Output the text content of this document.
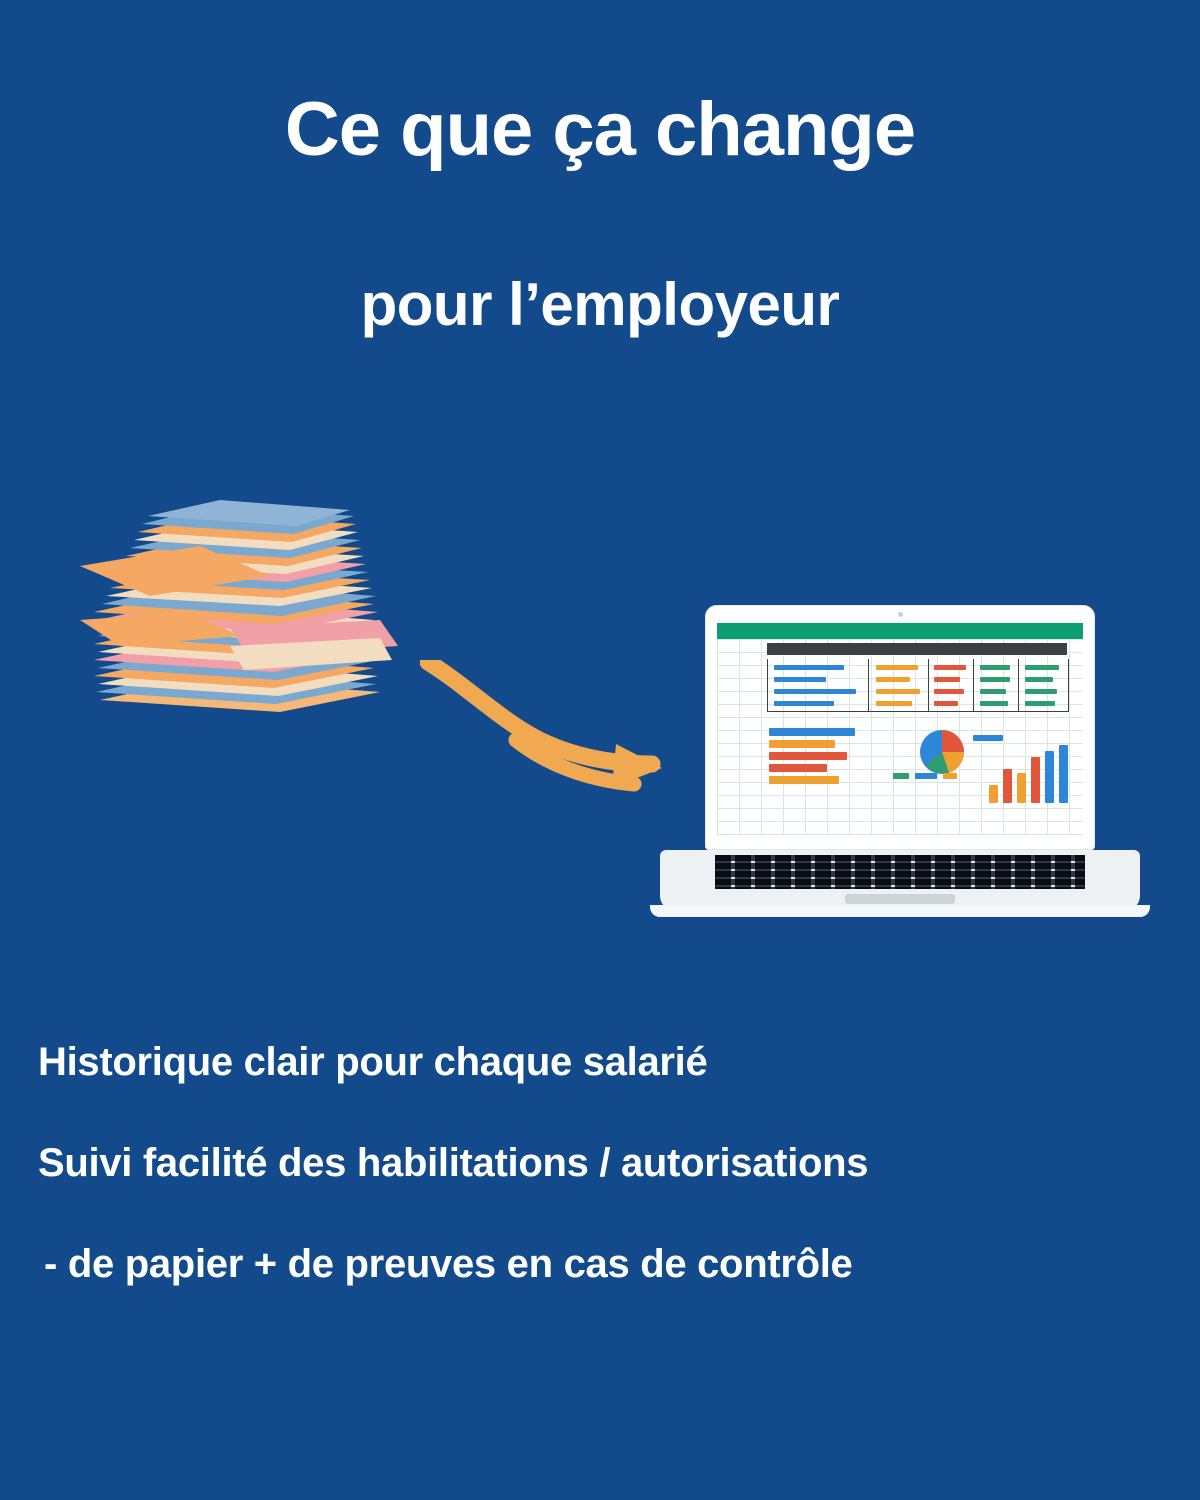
Ce que ça change
pour l’employeur

Historique clair pour chaque salarié

Suivi facilité des habilitations / autorisations

- de papier + de preuves en cas de contrôle
